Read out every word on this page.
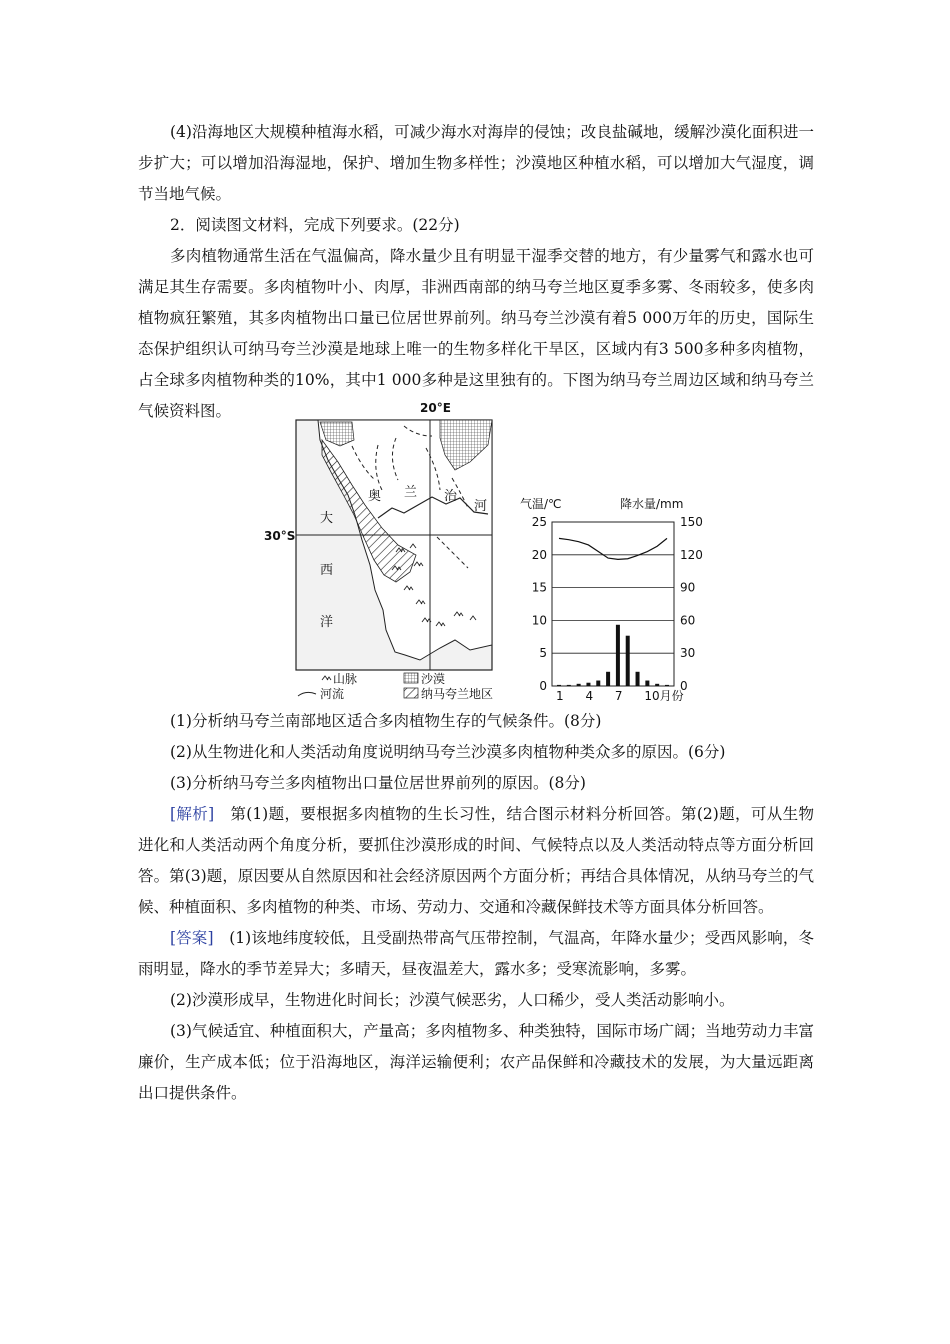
(4)沿海地区大规模种植海水稻，可减少海水对海岸的侵蚀；改良盐碱地，缓解沙漠化面积进一步扩大；可以增加沿海湿地，保护、增加生物多样性；沙漠地区种植水稻，可以增加大气湿度，调节当地气候。
2．阅读图文材料，完成下列要求。(22分)
多肉植物通常生活在气温偏高，降水量少且有明显干湿季交替的地方，有少量雾气和露水也可满足其生存需要。多肉植物叶小、肉厚，非洲西南部的纳马夸兰地区夏季多雾、冬雨较多，使多肉植物疯狂繁殖，其多肉植物出口量已位居世界前列。纳马夸兰沙漠有着5 000万年的历史，国际生态保护组织认可纳马夸兰沙漠是地球上唯一的生物多样化干旱区，区域内有3 500多种多肉植物，占全球多肉植物种类的10%，其中1 000多种是这里独有的。下图为纳马夸兰周边区域和纳马夸兰气候资料图。	20°E
30°S
大
西
洋
奥 兰 治
河
山脉	沙漠
河流	纳马夸兰地区
气温/℃	降水量/mm
0
5
10
15
20
25
0
30
60
90
120
150
1 4 7 10月份
(1)分析纳马夸兰南部地区适合多肉植物生存的气候条件。(8分)
(2)从生物进化和人类活动角度说明纳马夸兰沙漠多肉植物种类众多的原因。(6分)
(3)分析纳马夸兰多肉植物出口量位居世界前列的原因。(8分)
[解析]　第(1)题，要根据多肉植物的生长习性，结合图示材料分析回答。第(2)题，可从生物进化和人类活动两个角度分析，要抓住沙漠形成的时间、气候特点以及人类活动特点等方面分析回答。第(3)题，原因要从自然原因和社会经济原因两个方面分析；再结合具体情况，从纳马夸兰的气候、种植面积、多肉植物的种类、市场、劳动力、交通和冷藏保鲜技术等方面具体分析回答。
[答案]　(1)该地纬度较低，且受副热带高气压带控制，气温高，年降水量少；受西风影响，冬雨明显，降水的季节差异大；多晴天，昼夜温差大，露水多；受寒流影响，多雾。
(2)沙漠形成早，生物进化时间长；沙漠气候恶劣，人口稀少，受人类活动影响小。
(3)气候适宜、种植面积大，产量高；多肉植物多、种类独特，国际市场广阔；当地劳动力丰富廉价，生产成本低；位于沿海地区，海洋运输便利；农产品保鲜和冷藏技术的发展，为大量远距离出口提供条件。
